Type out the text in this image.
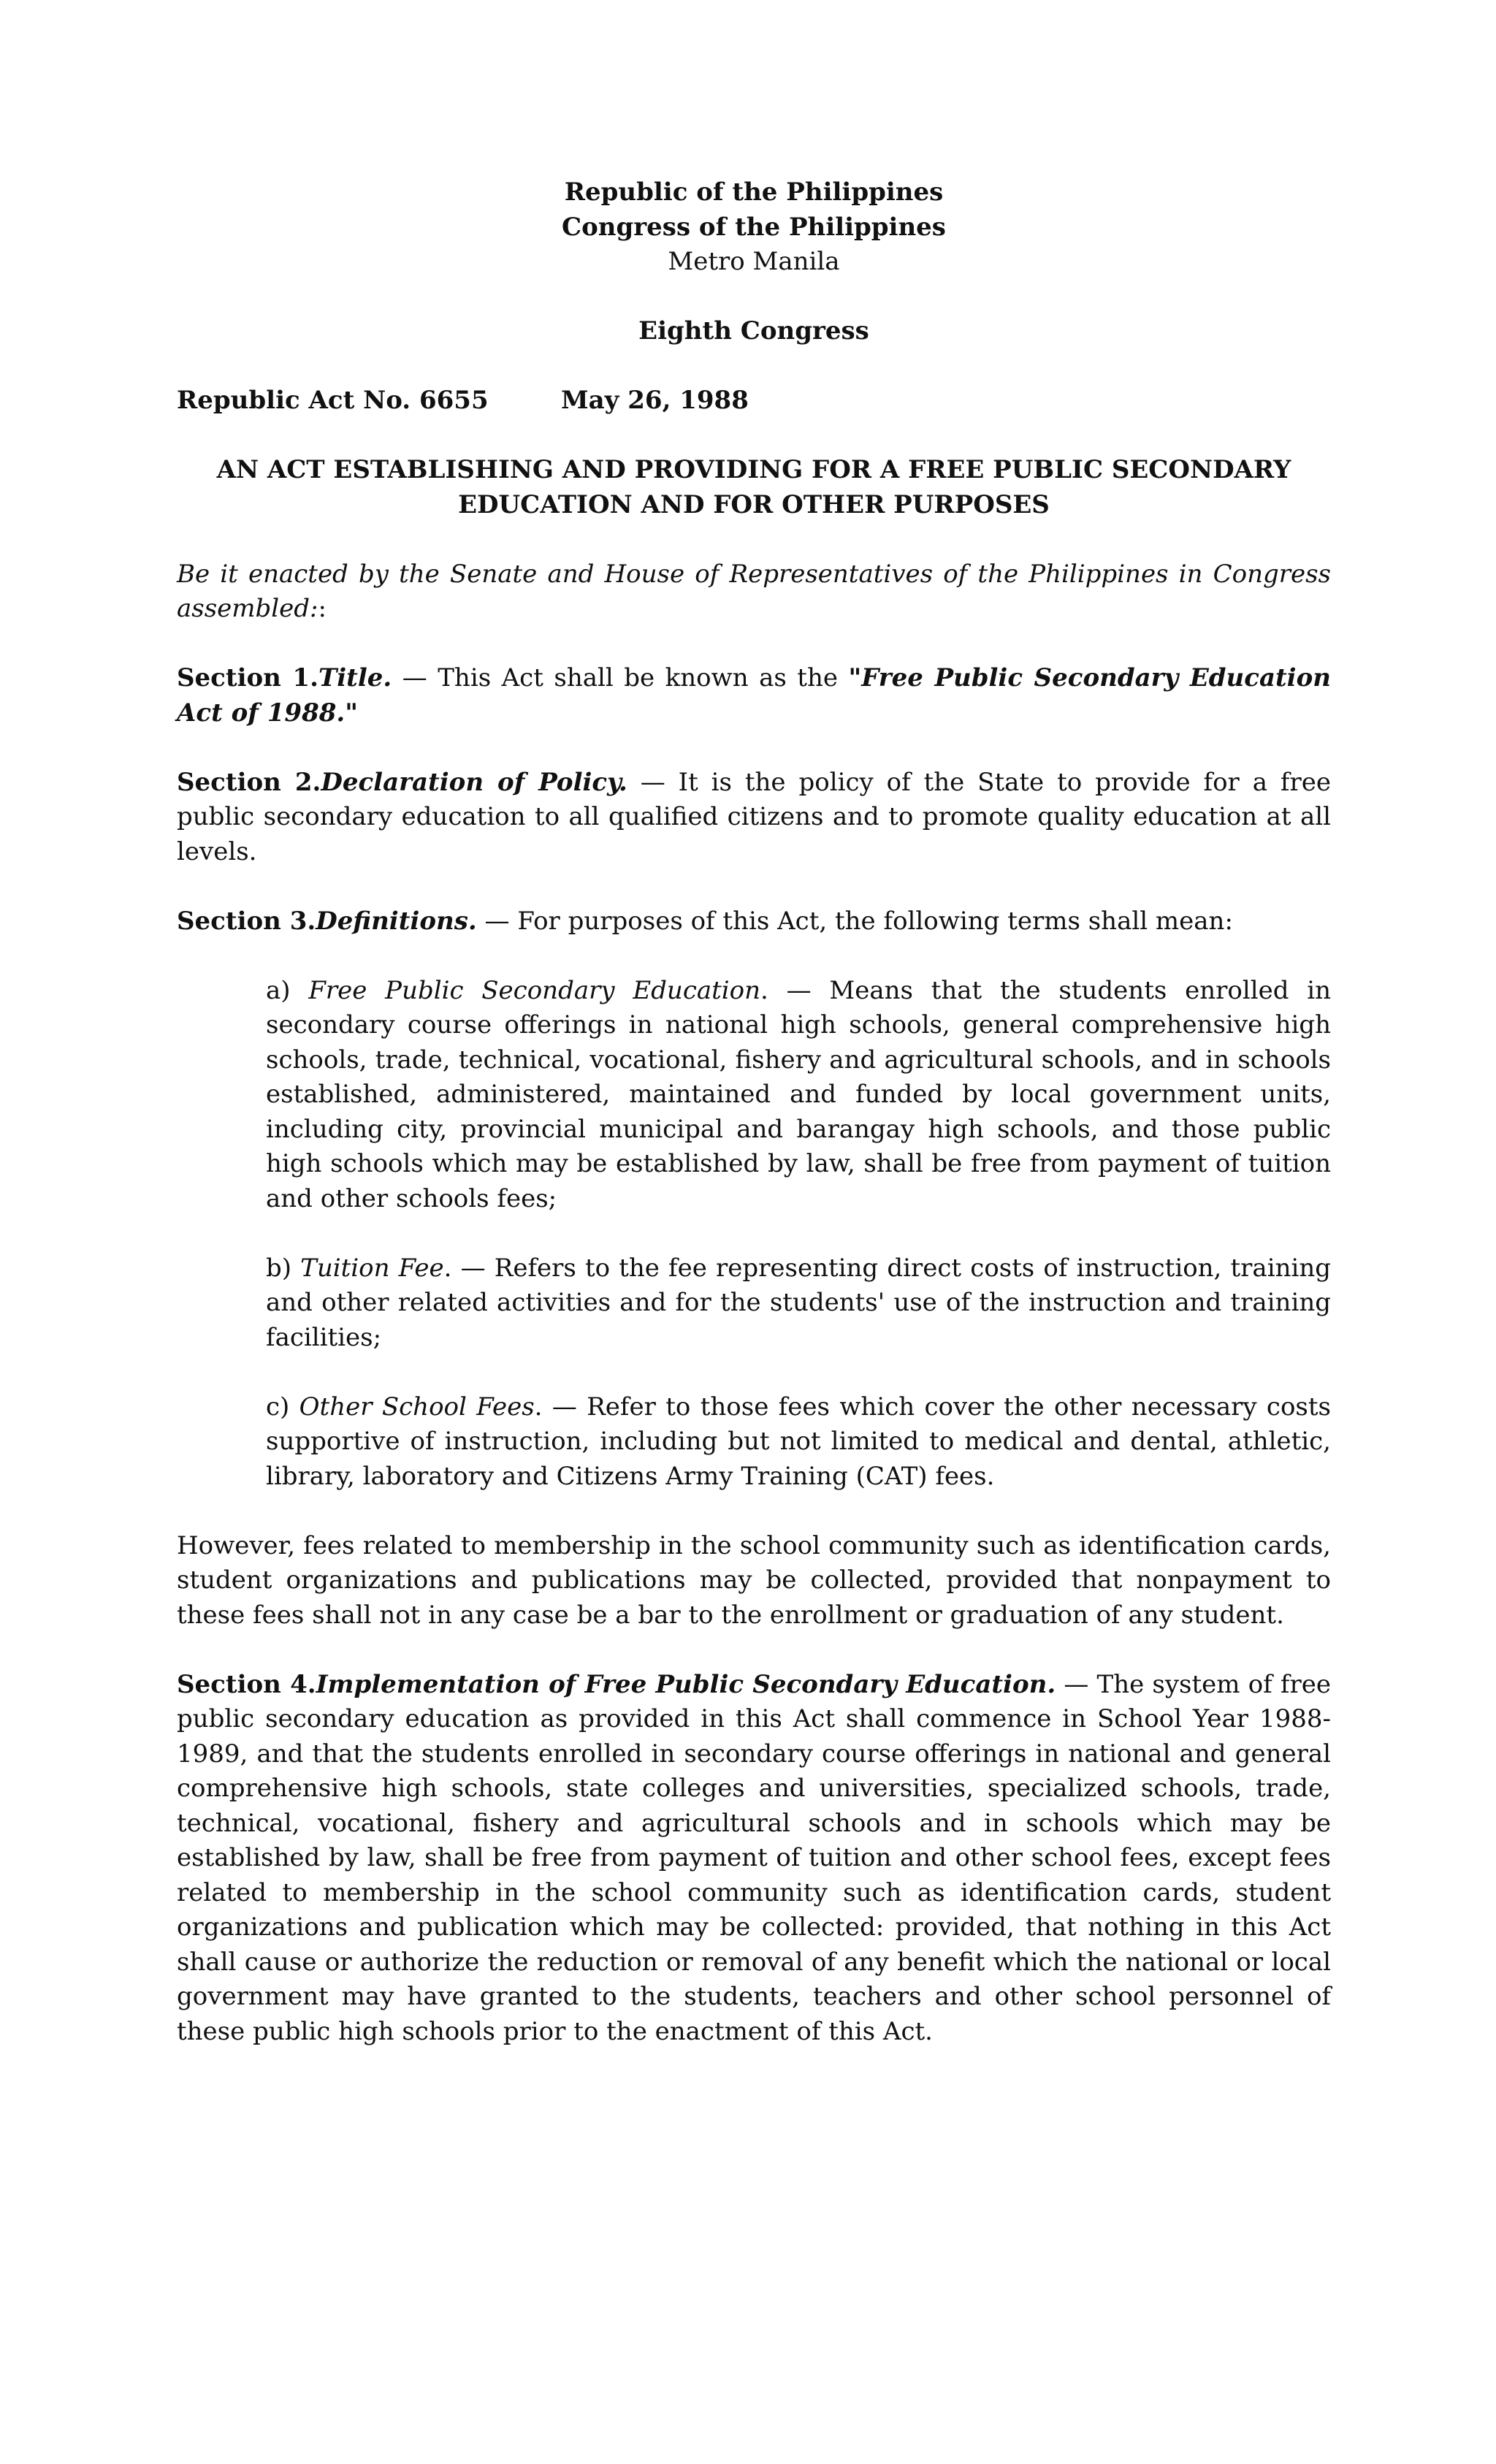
Republic of the Philippines
Congress of the Philippines
Metro Manila
Eighth Congress
Republic Act No. 6655	May 26, 1988
AN ACT ESTABLISHING AND PROVIDING FOR A FREE PUBLIC SECONDARY
EDUCATION AND FOR OTHER PURPOSES

Be it enacted by the Senate and House of Representatives of the Philippines in Congress assembled::

Section 1.Title. — This Act shall be known as the "Free Public Secondary Education Act of 1988."

Section 2.Declaration of Policy. — It is the policy of the State to provide for a free public secondary education to all qualified citizens and to promote quality education at all levels.

Section 3.Definitions. — For purposes of this Act, the following terms shall mean:

a) Free Public Secondary Education. — Means that the students enrolled in secondary course offerings in national high schools, general comprehensive high schools, trade, technical, vocational, fishery and agricultural schools, and in schools established, administered, maintained and funded by local government units, including city, provincial municipal and barangay high schools, and those public high schools which may be established by law, shall be free from payment of tuition and other schools fees;

b) Tuition Fee. — Refers to the fee representing direct costs of instruction, training and other related activities and for the students' use of the instruction and training facilities;

c) Other School Fees. — Refer to those fees which cover the other necessary costs supportive of instruction, including but not limited to medical and dental, athletic, library, laboratory and Citizens Army Training (CAT) fees.

However, fees related to membership in the school community such as identification cards, student organizations and publications may be collected, provided that nonpayment to these fees shall not in any case be a bar to the enrollment or graduation of any student.

Section 4.Implementation of Free Public Secondary Education. — The system of free public secondary education as provided in this Act shall commence in School Year 1988-1989, and that the students enrolled in secondary course offerings in national and general comprehensive high schools, state colleges and universities, specialized schools, trade, technical, vocational, fishery and agricultural schools and in schools which may be established by law, shall be free from payment of tuition and other school fees, except fees related to membership in the school community such as identification cards, student organizations and publication which may be collected: provided, that nothing in this Act shall cause or authorize the reduction or removal of any benefit which the national or local government may have granted to the students, teachers and other school personnel of these public high schools prior to the enactment of this Act.
